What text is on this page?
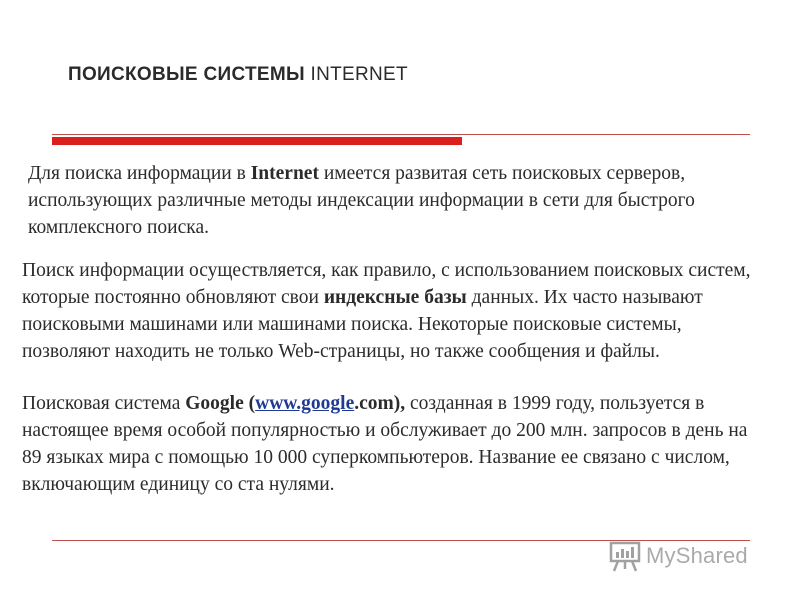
ПОИСКОВЫЕ СИСТЕМЫ INTERNET
Для поиска информации в Internet имеется развитая сеть поисковых серверов, использующих различные методы индексации информации в сети для быстрого комплексного поиска.
Поиск информации осуществляется, как правило, с использованием поисковых систем, которые постоянно обновляют свои индексные базы данных. Их часто называют поисковыми машинами или машинами поиска. Некоторые поисковые системы, позволяют находить не только Web-страницы, но также сообщения и файлы.
Поисковая система Google (www.google.com), созданная в 1999 году, пользуется в настоящее время особой популярностью и обслуживает до 200 млн. запросов в день на 89 языках мира с помощью 10 000 суперкомпьютеров. Название ее связано с числом, включающим единицу со ста нулями.
MyShared
